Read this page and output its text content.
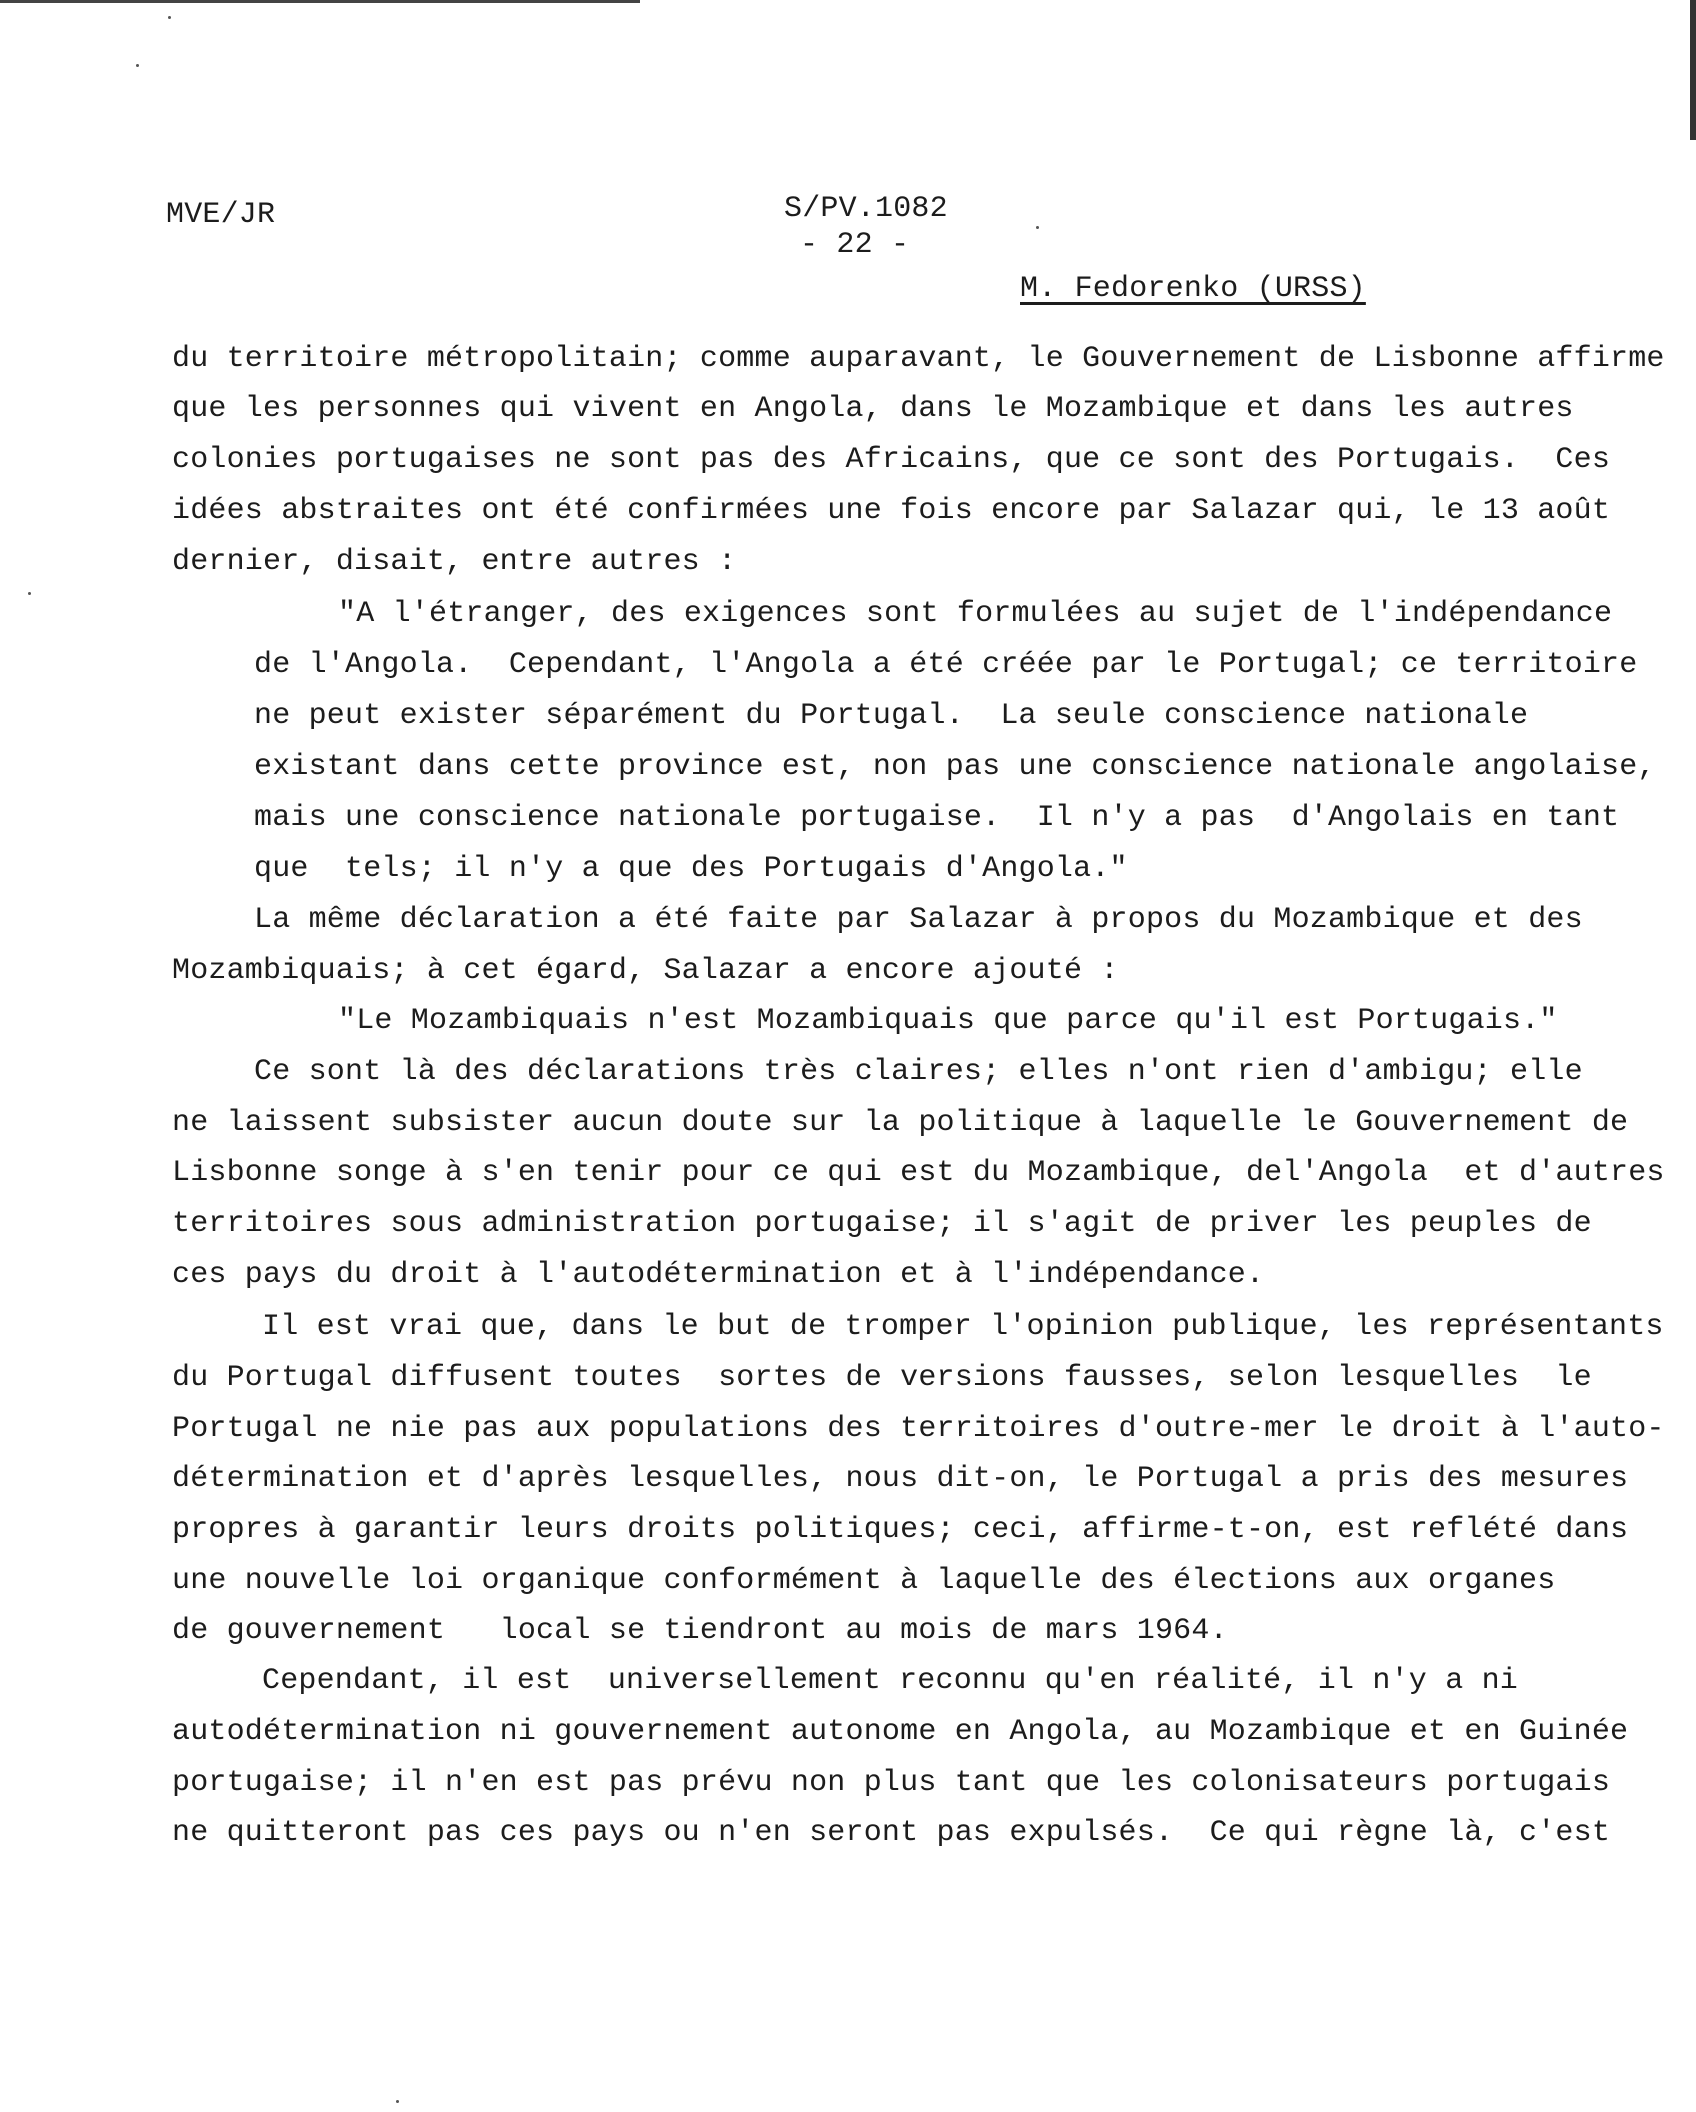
MVE/JR	S/PV.1082
- 22 -
M. Fedorenko (URSS)
du territoire métropolitain; comme auparavant, le Gouvernement de Lisbonne affirme
que les personnes qui vivent en Angola, dans le Mozambique et dans les autres
colonies portugaises ne sont pas des Africains, que ce sont des Portugais.  Ces
idées abstraites ont été confirmées une fois encore par Salazar qui, le 13 août
dernier, disait, entre autres :
"A l'étranger, des exigences sont formulées au sujet de l'indépendance
de l'Angola.  Cependant, l'Angola a été créée par le Portugal; ce territoire
ne peut exister séparément du Portugal.  La seule conscience nationale
existant dans cette province est, non pas une conscience nationale angolaise,
mais une conscience nationale portugaise.  Il n'y a pas  d'Angolais en tant
que  tels; il n'y a que des Portugais d'Angola."
La même déclaration a été faite par Salazar à propos du Mozambique et des
Mozambiquais; à cet égard, Salazar a encore ajouté :
"Le Mozambiquais n'est Mozambiquais que parce qu'il est Portugais."
Ce sont là des déclarations très claires; elles n'ont rien d'ambigu; elle
ne laissent subsister aucun doute sur la politique à laquelle le Gouvernement de
Lisbonne songe à s'en tenir pour ce qui est du Mozambique, del'Angola  et d'autres
territoires sous administration portugaise; il s'agit de priver les peuples de
ces pays du droit à l'autodétermination et à l'indépendance.
Il est vrai que, dans le but de tromper l'opinion publique, les représentants
du Portugal diffusent toutes  sortes de versions fausses, selon lesquelles  le
Portugal ne nie pas aux populations des territoires d'outre-mer le droit à l'auto-
détermination et d'après lesquelles, nous dit-on, le Portugal a pris des mesures
propres à garantir leurs droits politiques; ceci, affirme-t-on, est reflété dans
une nouvelle loi organique conformément à laquelle des élections aux organes
de gouvernement   local se tiendront au mois de mars 1964.
Cependant, il est  universellement reconnu qu'en réalité, il n'y a ni
autodétermination ni gouvernement autonome en Angola, au Mozambique et en Guinée
portugaise; il n'en est pas prévu non plus tant que les colonisateurs portugais
ne quitteront pas ces pays ou n'en seront pas expulsés.  Ce qui règne là, c'est
